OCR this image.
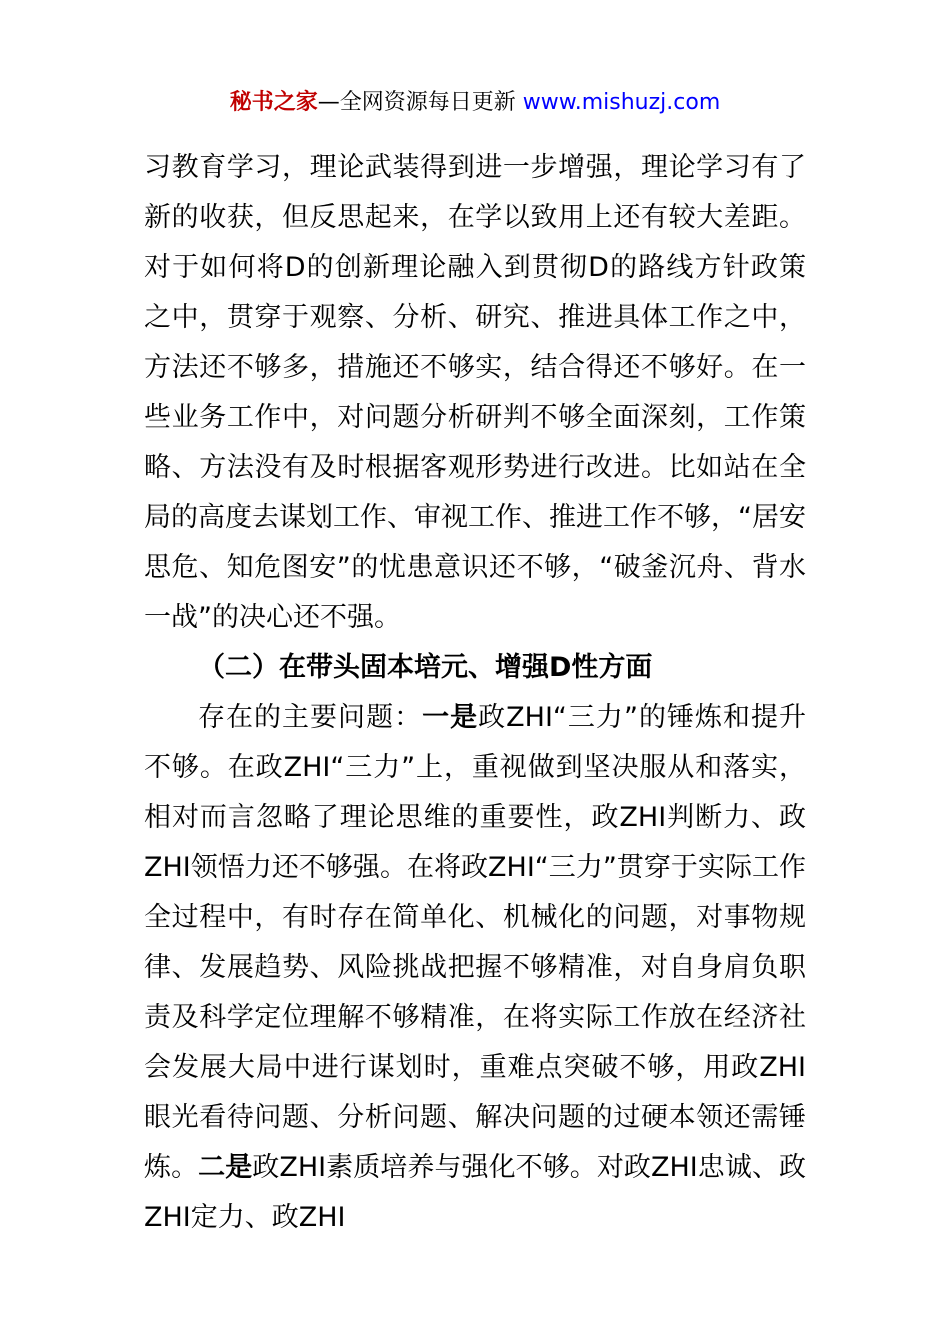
秘书之家—全网资源每日更新 www.mishuzj.com

习教育学习，理论武装得到进一步增强，理论学习有了新的收获，但反思起来，在学以致用上还有较大差距。对于如何将D的创新理论融入到贯彻D的路线方针政策之中，贯穿于观察、分析、研究、推进具体工作之中，方法还不够多，措施还不够实，结合得还不够好。在一些业务工作中，对问题分析研判不够全面深刻，工作策略、方法没有及时根据客观形势进行改进。比如站在全局的高度去谋划工作、审视工作、推进工作不够，“居安思危、知危图安”的忧患意识还不够，“破釜沉舟、背水一战”的决心还不强。

（二）在带头固本培元、增强D性方面

存在的主要问题：一是政ZHI“三力”的锤炼和提升不够。在政ZHI“三力”上，重视做到坚决服从和落实，相对而言忽略了理论思维的重要性，政ZHI判断力、政ZHI领悟力还不够强。在将政ZHI“三力”贯穿于实际工作全过程中，有时存在简单化、机械化的问题，对事物规律、发展趋势、风险挑战把握不够精准，对自身肩负职责及科学定位理解不够精准，在将实际工作放在经济社会发展大局中进行谋划时，重难点突破不够，用政ZHI眼光看待问题、分析问题、解决问题的过硬本领还需锤炼。二是政ZHI素质培养与强化不够。对政ZHI忠诚、政ZHI定力、政ZHI
